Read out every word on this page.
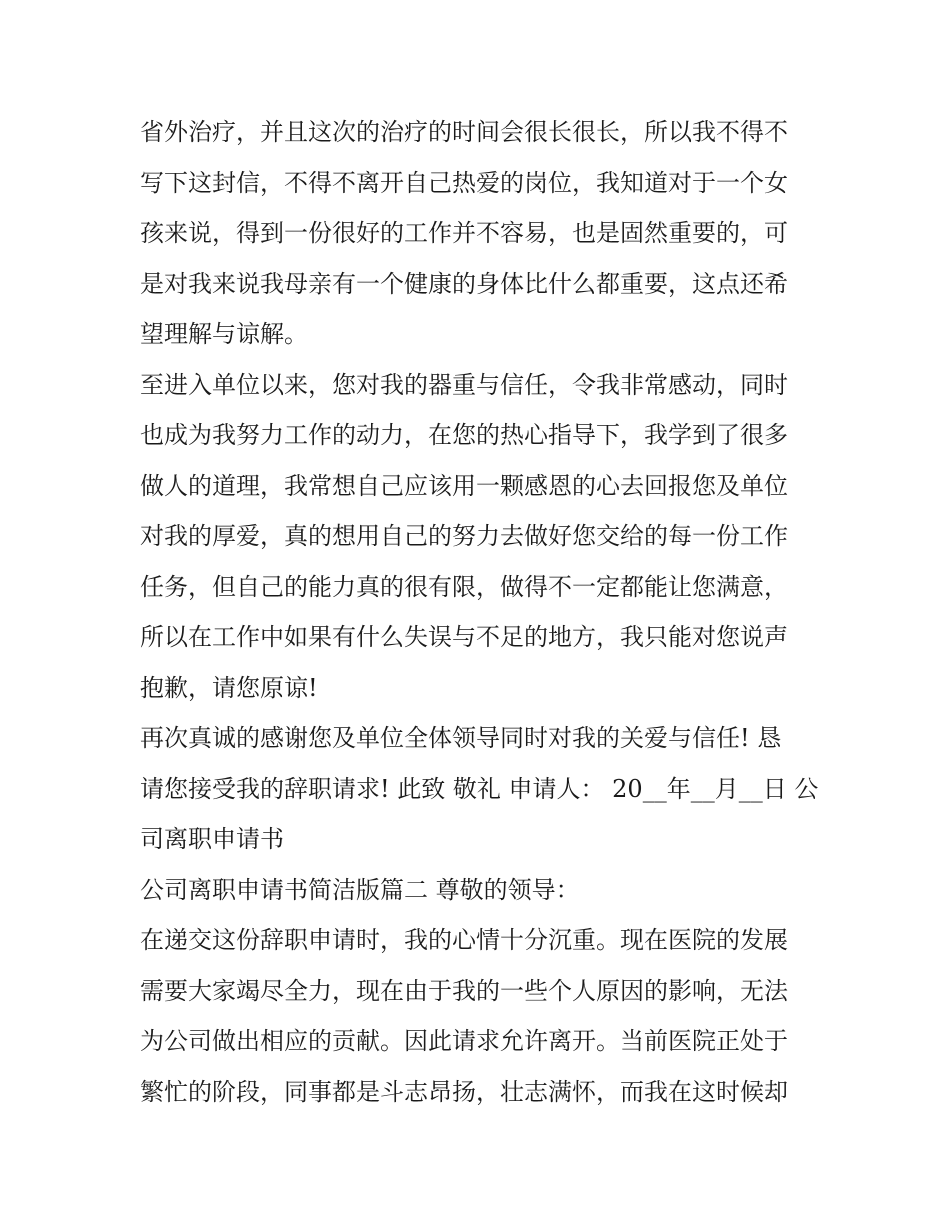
省外治疗，并且这次的治疗的时间会很长很长，所以我不得不
写下这封信，不得不离开自己热爱的岗位，我知道对于一个女
孩来说，得到一份很好的工作并不容易，也是固然重要的，可
是对我来说我母亲有一个健康的身体比什么都重要，这点还希
望理解与谅解。
至进入单位以来，您对我的器重与信任，令我非常感动，同时
也成为我努力工作的动力，在您的热心指导下，我学到了很多
做人的道理，我常想自己应该用一颗感恩的心去回报您及单位
对我的厚爱，真的想用自己的努力去做好您交给的每一份工作
任务，但自己的能力真的很有限，做得不一定都能让您满意，
所以在工作中如果有什么失误与不足的地方，我只能对您说声
抱歉，请您原谅!
再次真诚的感谢您及单位全体领导同时对我的关爱与信任! 恳
请您接受我的辞职请求! 此致 敬礼 申请人： 20__年__月__日 公
司离职申请书
公司离职申请书简洁版篇二 尊敬的领导：
在递交这份辞职申请时，我的心情十分沉重。现在医院的发展
需要大家竭尽全力，现在由于我的一些个人原因的影响，无法
为公司做出相应的贡献。因此请求允许离开。当前医院正处于
繁忙的阶段，同事都是斗志昂扬，壮志满怀，而我在这时候却
